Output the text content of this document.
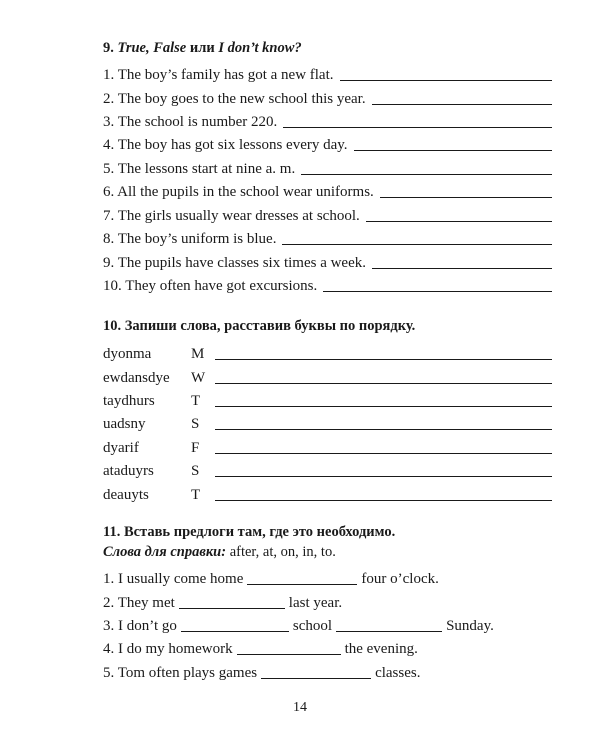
9. True, False или I don’t know?
1. The boy’s family has got a new flat.
2. The boy goes to the new school this year.
3. The school is number 220.
4. The boy has got six lessons every day.
5. The lessons start at nine a. m.
6. All the pupils in the school wear uniforms.
7. The girls usually wear dresses at school.
8. The boy’s uniform is blue.
9. The pupils have classes six times a week.
10. They often have got excursions.
10. Запиши слова, расставив буквы по порядку.
dyonma	M
ewdansdye	W
taydhurs	T
uadsny	S
dyarif	F
ataduyrs	S
deauyts	T
11. Вставь предлоги там, где это необходимо.
Слова для справки: after, at, on, in, to.
1. I usually come home	four o’clock.
2. They met	last year.
3. I don’t go	school	Sunday.
4. I do my homework	the evening.
5. Tom often plays games	classes.
14
